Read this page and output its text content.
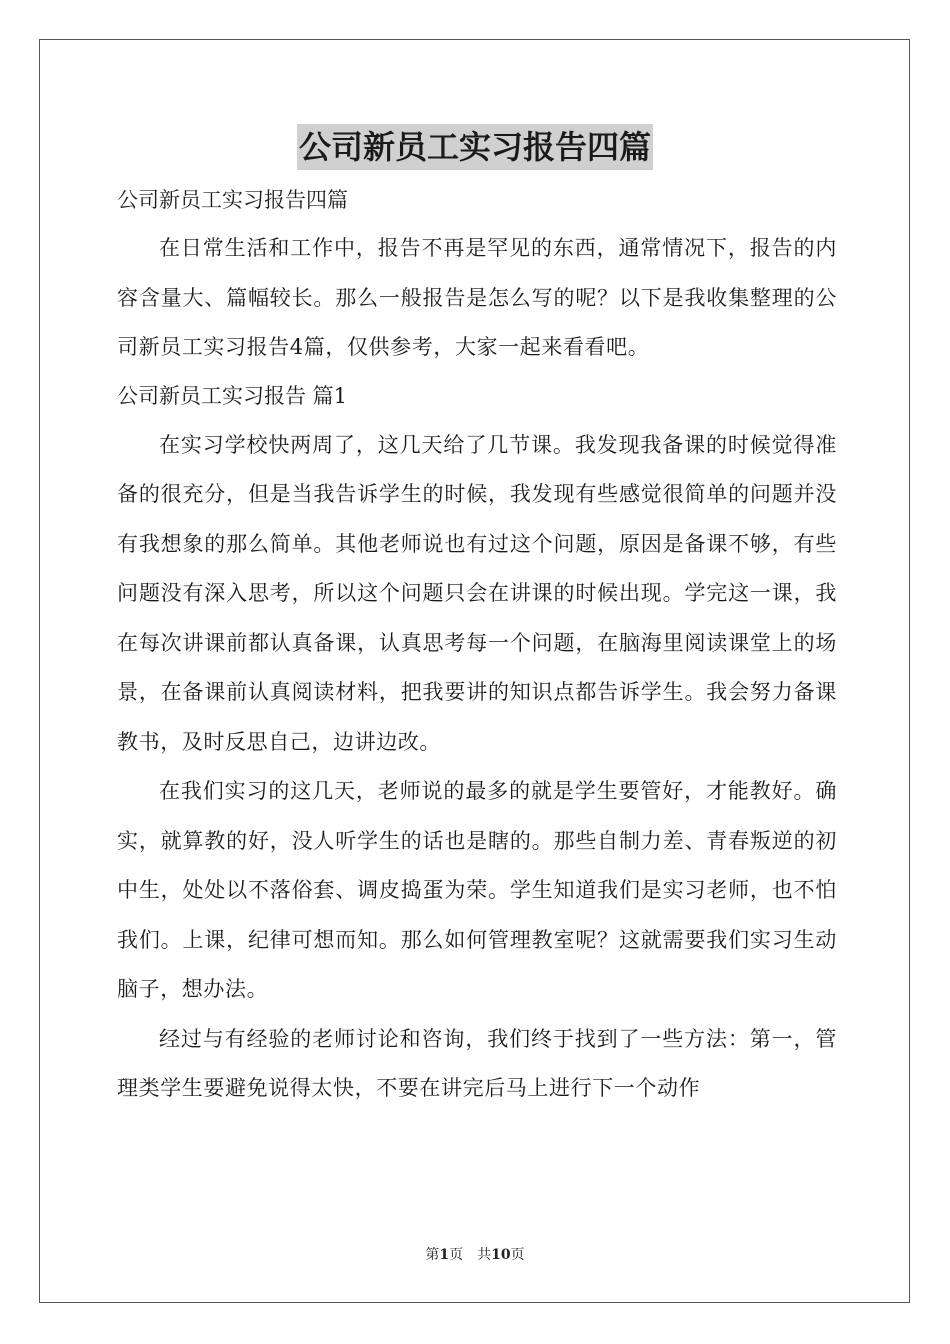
公司新员工实习报告四篇

公司新员工实习报告四篇

在日常生活和工作中，报告不再是罕见的东西，通常情况下，报告的内容含量大、篇幅较长。那么一般报告是怎么写的呢？以下是我收集整理的公司新员工实习报告4篇，仅供参考，大家一起来看看吧。

公司新员工实习报告 篇1

在实习学校快两周了，这几天给了几节课。我发现我备课的时候觉得准备的很充分，但是当我告诉学生的时候，我发现有些感觉很简单的问题并没有我想象的那么简单。其他老师说也有过这个问题，原因是备课不够，有些问题没有深入思考，所以这个问题只会在讲课的时候出现。学完这一课，我在每次讲课前都认真备课，认真思考每一个问题，在脑海里阅读课堂上的场景，在备课前认真阅读材料，把我要讲的知识点都告诉学生。我会努力备课教书，及时反思自己，边讲边改。

在我们实习的这几天，老师说的最多的就是学生要管好，才能教好。确实，就算教的好，没人听学生的话也是瞎的。那些自制力差、青春叛逆的初中生，处处以不落俗套、调皮捣蛋为荣。学生知道我们是实习老师，也不怕我们。上课，纪律可想而知。那么如何管理教室呢？这就需要我们实习生动脑子，想办法。

经过与有经验的老师讨论和咨询，我们终于找到了一些方法：第一，管理类学生要避免说得太快，不要在讲完后马上进行下一个动作

第1页　共10页
